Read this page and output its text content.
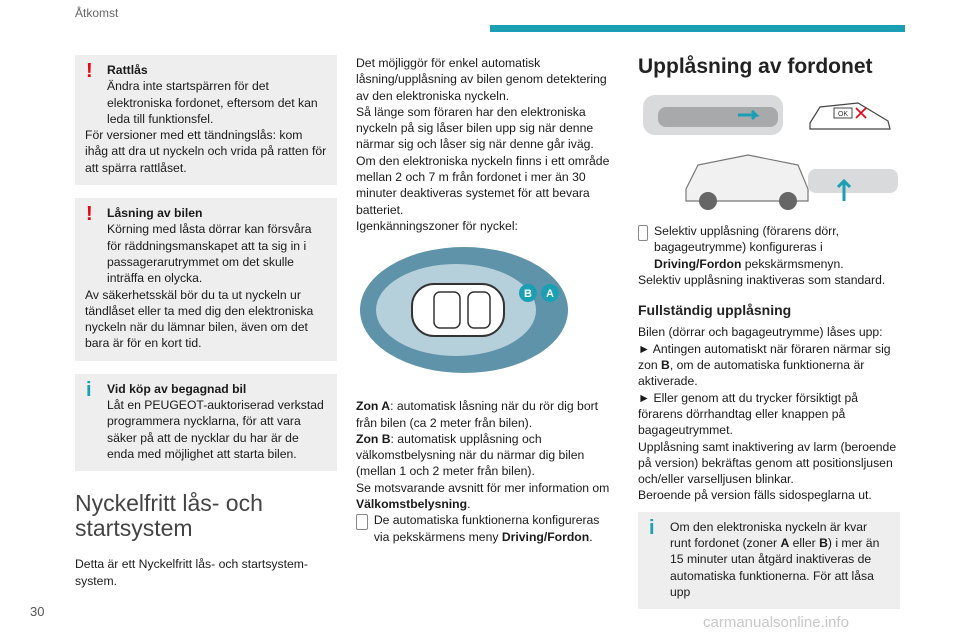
Åtkomst
!	Rattlås
Ändra inte startspärren för det elektroniska fordonet, eftersom det kan leda till funktionsfel.
För versioner med ett tändningslås: kom ihåg att dra ut nyckeln och vrida på ratten för att spärra rattlåset.
!	Låsning av bilen
Körning med låsta dörrar kan försvåra för räddningsmanskapet att ta sig in i passagerarutrymmet om det skulle inträffa en olycka.
Av säkerhetsskäl bör du ta ut nyckeln ur tändlåset eller ta med dig den elektroniska nyckeln när du lämnar bilen, även om det bara är för en kort tid.
i	Vid köp av begagnad bil
Låt en PEUGEOT-auktoriserad verkstad programmera nycklarna, för att vara säker på att de nycklar du har är de enda med möjlighet att starta bilen.
Nyckelfritt lås- och startsystem
Detta är ett Nyckelfritt lås- och startsystem-system.
Det möjliggör för enkel automatisk låsning/upplåsning av bilen genom detektering av den elektroniska nyckeln.
Så länge som föraren har den elektroniska nyckeln på sig låser bilen upp sig när denne närmar sig och låser sig när denne går iväg.
Om den elektroniska nyckeln finns i ett område mellan 2 och 7 m från fordonet i mer än 30 minuter deaktiveras systemet för att bevara batteriet.
Igenkänningszoner för nyckel:
B A
Zon A: automatisk låsning när du rör dig bort från bilen (ca 2 meter från bilen).
Zon B: automatisk upplåsning och välkomstbelysning när du närmar dig bilen (mellan 1 och 2 meter från bilen).
Se motsvarande avsnitt för mer information om Välkomstbelysning.
De automatiska funktionerna konfigureras via pekskärmens meny Driving/Fordon.
Upplåsning av fordonet
OK
Selektiv upplåsning (förarens dörr, bagageutrymme) konfigureras i Driving/Fordon pekskärmsmenyn.
Selektiv upplåsning inaktiveras som standard.
Fullständig upplåsning
Bilen (dörrar och bagageutrymme) låses upp:
► Antingen automatiskt när föraren närmar sig zon B, om de automatiska funktionerna är aktiverade.
► Eller genom att du trycker försiktigt på förarens dörrhandtag eller knappen på bagageutrymmet.
Upplåsning samt inaktivering av larm (beroende på version) bekräftas genom att positionsljusen och/eller varselljusen blinkar.
Beroende på version fälls sidospeglarna ut.
i	Om den elektroniska nyckeln är kvar runt fordonet (zoner A eller B) i mer än 15 minuter utan åtgärd inaktiveras de automatiska funktionerna. För att låsa upp
30
carmanualsonline.info
